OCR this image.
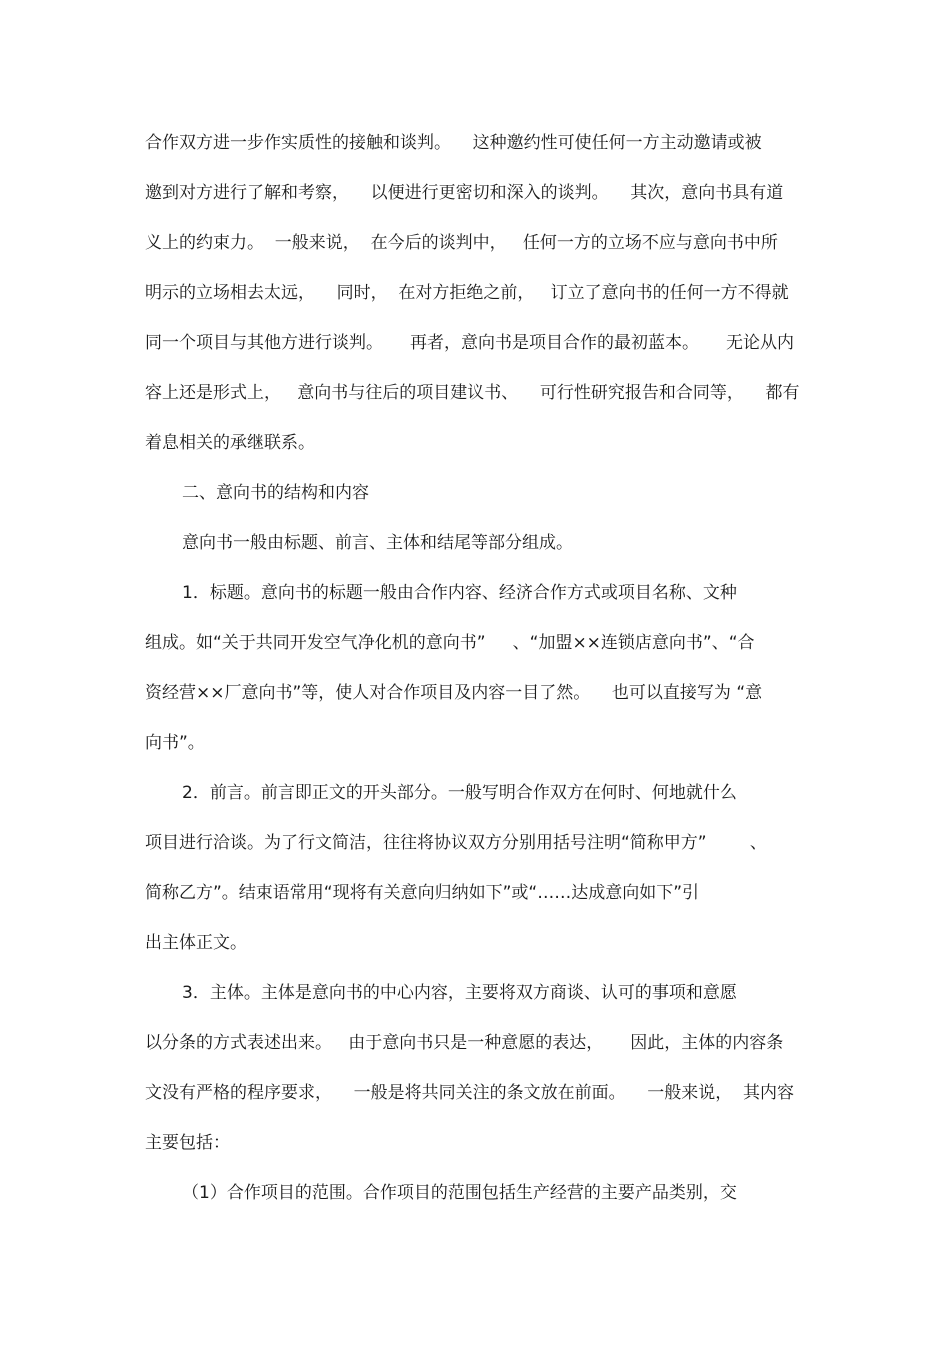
合作双方进一步作实质性的接触和谈判。    这种邀约性可使任何一方主动邀请或被
邀到对方进行了解和考察，    以便进行更密切和深入的谈判。    其次，意向书具有道
义上的约束力。  一般来说，  在今后的谈判中，   任何一方的立场不应与意向书中所
明示的立场相去太远，    同时，  在对方拒绝之前，   订立了意向书的任何一方不得就
同一个项目与其他方进行谈判。     再者，意向书是项目合作的最初蓝本。     无论从内
容上还是形式上，   意向书与往后的项目建议书、    可行性研究报告和合同等，    都有
着息相关的承继联系。
二、意向书的结构和内容
意向书一般由标题、前言、主体和结尾等部分组成。
1．标题。意向书的标题一般由合作内容、经济合作方式或项目名称、文种
组成。如“关于共同开发空气净化机的意向书”     、“加盟××连锁店意向书”、“合
资经营××厂意向书”等，使人对合作项目及内容一目了然。    也可以直接写为 “意
向书”。
2．前言。前言即正文的开头部分。一般写明合作双方在何时、何地就什么
项目进行洽谈。为了行文简洁，往往将协议双方分别用括号注明“简称甲方”        、
简称乙方”。结束语常用“现将有关意向归纳如下”或“……达成意向如下”引
出主体正文。
3．主体。主体是意向书的中心内容，主要将双方商谈、认可的事项和意愿
以分条的方式表述出来。   由于意向书只是一种意愿的表达，     因此，主体的内容条
文没有严格的程序要求，    一般是将共同关注的条文放在前面。    一般来说，  其内容
主要包括：
（1）合作项目的范围。合作项目的范围包括生产经营的主要产品类别，交
